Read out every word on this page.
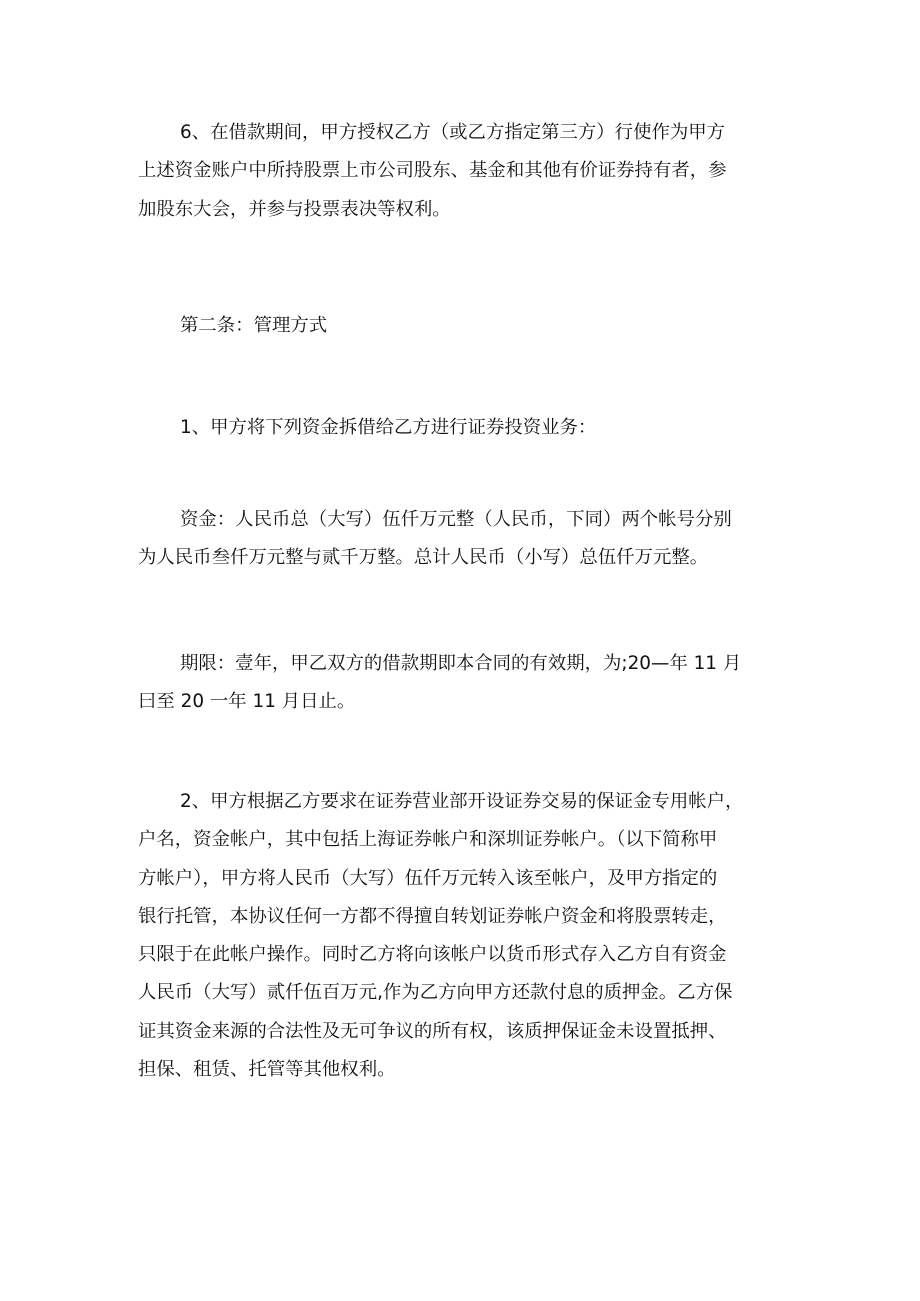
6、在借款期间，甲方授权乙方（或乙方指定第三方）行使作为甲方
上述资金账户中所持股票上市公司股东、基金和其他有价证券持有者，参
加股东大会，并参与投票表决等权利。

第二条：管理方式

1、甲方将下列资金拆借给乙方进行证券投资业务：

资金：人民币总（大写）伍仟万元整（人民币，下同）两个帐号分别
为人民币叁仟万元整与贰千万整。总计人民币（小写）总伍仟万元整。

期限：壹年，甲乙双方的借款期即本合同的有效期，为;20—年 11 月
曰至 20 一年 11 月日止。

2、甲方根据乙方要求在证券营业部开设证券交易的保证金专用帐户，
户名，资金帐户，其中包括上海证券帐户和深圳证券帐户。（以下简称甲
方帐户），甲方将人民币（大写）伍仟万元转入该至帐户，及甲方指定的
银行托管，本协议任何一方都不得擅自转划证券帐户资金和将股票转走，
只限于在此帐户操作。同时乙方将向该帐户以货币形式存入乙方自有资金
人民币（大写）贰仟伍百万元,作为乙方向甲方还款付息的质押金。乙方保
证其资金来源的合法性及无可争议的所有权，该质押保证金未设置抵押、
担保、租赁、托管等其他权利。
